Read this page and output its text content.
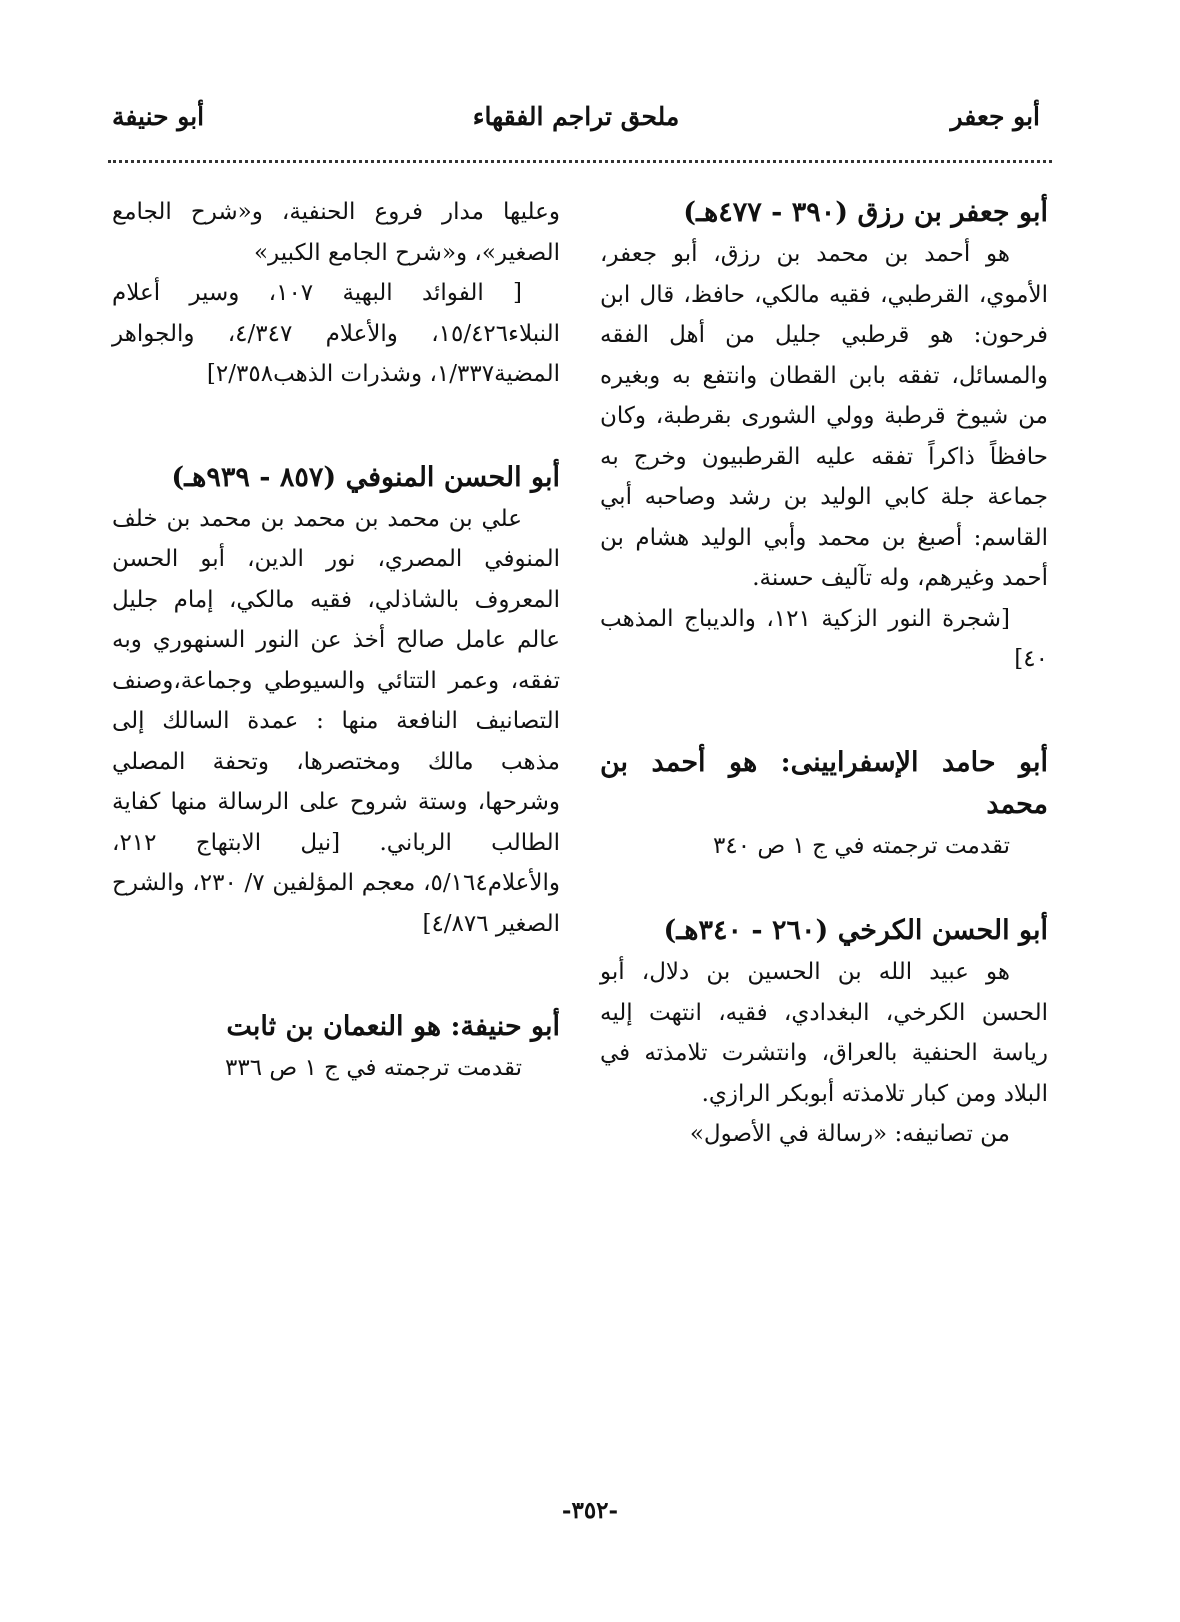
أبو جعفر
ملحق تراجم الفقهاء
أبو حنيفة

أبو جعفر بن رزق (٣٩٠ - ٤٧٧هـ)

هو أحمد بن محمد بن رزق، أبو جعفر، الأموي، القرطبي، فقيه مالكي، حافظ، قال ابن فرحون: هو قرطبي جليل من أهل الفقه والمسائل، تفقه بابن القطان وانتفع به وبغيره من شيوخ قرطبة وولي الشورى بقرطبة، وكان حافظاً ذاكراً تفقه عليه القرطبيون وخرج به جماعة جلة كابي الوليد بن رشد وصاحبه أبي القاسم: أصبغ بن محمد وأبي الوليد هشام بن أحمد وغيرهم، وله تآليف حسنة.

[شجرة النور الزكية ١٢١، والديباج المذهب ٤٠]

أبو حامد الإسفرايينى: هو أحمد بن محمد

تقدمت ترجمته في ج ١ ص ٣٤٠

أبو الحسن الكرخي (٢٦٠ - ٣٤٠هـ)

هو عبيد الله بن الحسين بن دلال، أبو الحسن الكرخي، البغدادي، فقيه، انتهت إليه رياسة الحنفية بالعراق، وانتشرت تلامذته في البلاد ومن كبار تلامذته أبوبكر الرازي.

من تصانيفه: «رسالة في الأصول»

وعليها مدار فروع الحنفية، و«شرح الجامع الصغير»، و«شرح الجامع الكبير»

[ الفوائد البهية ١٠٧، وسير أعلام النبلاء١٥/٤٢٦، والأعلام ٤/٣٤٧، والجواهر المضية١/٣٣٧، وشذرات الذهب٢/٣٥٨]

أبو الحسن المنوفي (٨٥٧ - ٩٣٩هـ)

علي بن محمد بن محمد بن محمد بن خلف المنوفي المصري، نور الدين، أبو الحسن المعروف بالشاذلي، فقيه مالكي، إمام جليل عالم عامل صالح أخذ عن النور السنهوري وبه تفقه، وعمر التتائي والسيوطي وجماعة،وصنف التصانيف النافعة منها : عمدة السالك إلى مذهب مالك ومختصرها، وتحفة المصلي وشرحها، وستة شروح على الرسالة منها كفاية الطالب الرباني. [نيل الابتهاج ٢١٢، والأعلام٥/١٦٤، معجم المؤلفين ٧/ ٢٣٠، والشرح الصغير ٤/٨٧٦]

أبو حنيفة: هو النعمان بن ثابت

تقدمت ترجمته في ج ١ ص ٣٣٦

-٣٥٢-
